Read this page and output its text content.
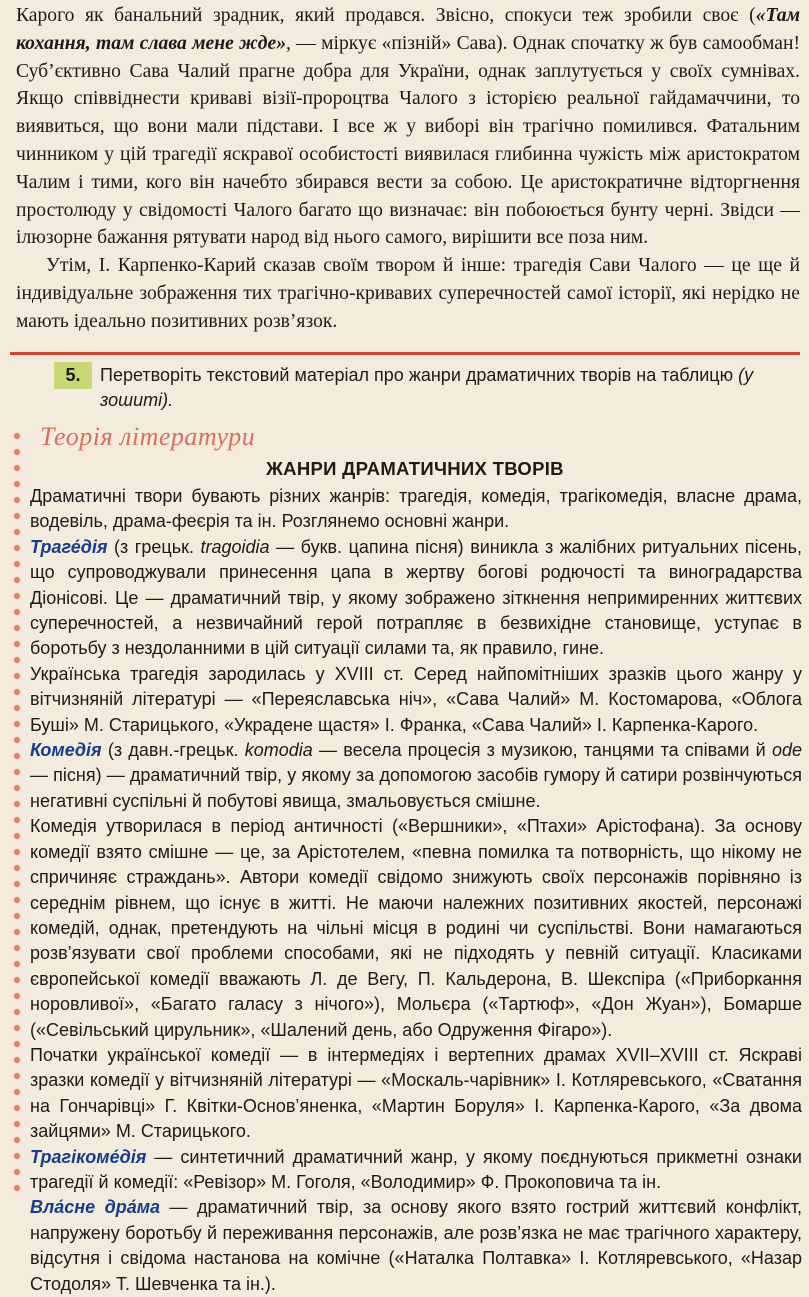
Карого як банальний зрадник, який продався. Звісно, спокуси теж зробили своє («Там кохання, там слава мене жде», — міркує «пізній» Сава). Однак спочатку ж був самообман! Суб’єктивно Сава Чалий прагне добра для України, однак заплутується у своїх сумнівах. Якщо співвіднести криваві візії-пророцтва Чалого з історією реальної гайдамаччини, то виявиться, що вони мали підстави. І все ж у виборі він трагічно помилився. Фатальним чинником у цій трагедії яскравої особистості виявилася глибинна чужість між аристократом Чалим і тими, кого він начебто збирався вести за собою. Це аристократичне відторгнення простолюду у свідомості Чалого багато що визначає: він побоюється бунту черні. Звідси — ілюзорне бажання рятувати народ від нього самого, вирішити все поза ним.

Утім, І. Карпенко-Карий сказав своїм твором й інше: трагедія Сави Чалого — це ще й індивідуальне зображення тих трагічно-кривавих суперечностей самої історії, які нерідко не мають ідеально позитивних розв’язок.

5.	Перетворіть текстовий матеріал про жанри драматичних творів на таблицю (у зошиті).
Теорія літератури
ЖАНРИ ДРАМАТИЧНИХ ТВОРІВ

Драматичні твори бувають різних жанрів: трагедія, комедія, трагікомедія, власне драма, водевіль, драма-феєрія та ін. Розглянемо основні жанри.

Траге́дія (з грецьк. tragoidia — букв. цапина пісня) виникла з жалібних ритуальних пісень, що супроводжували принесення цапа в жертву богові родючості та виноградарства Діонісові. Це — драматичний твір, у якому зображено зіткнення непримиренних життєвих суперечностей, а незвичайний герой потрапляє в безвихідне становище, уступає в боротьбу з нездоланними в цій ситуації силами та, як правило, гине.

Українська трагедія зародилась у XVIII ст. Серед найпомітніших зразків цього жанру у вітчизняній літературі — «Переяславська ніч», «Сава Чалий» М. Костомарова, «Облога Буші» М. Старицького, «Украдене щастя» І. Франка, «Сава Чалий» І. Карпенка-Карого.

Комедія (з давн.-грецьк. komodia — весела процесія з музикою, танцями та співами й ode — пісня) — драматичний твір, у якому за допомогою засобів гумору й сатири розвінчуються негативні суспільні й побутові явища, змальовується смішне.

Комедія утворилася в період античності («Вершники», «Птахи» Арістофана). За основу комедії взято смішне — це, за Арістотелем, «певна помилка та потворність, що нікому не спричиняє страждань». Автори комедії свідомо знижують своїх персонажів порівняно із середнім рівнем, що існує в житті. Не маючи належних позитивних якостей, персонажі комедій, однак, претендують на чільні місця в родині чи суспільстві. Вони намагаються розв’язувати свої проблеми способами, які не підходять у певній ситуації. Класиками європейської комедії вважають Л. де Вегу, П. Кальдерона, В. Шекспіра («Приборкання норовливої», «Багато галасу з нічого»), Мольєра («Тартюф», «Дон Жуан»), Бомарше («Севільський цирульник», «Шалений день, або Одруження Фігаро»).

Початки української комедії — в інтермедіях і вертепних драмах XVII–XVIII ст. Яскраві зразки комедії у вітчизняній літературі — «Москаль-чарівник» І. Котляревського, «Сватання на Гончарівці» Г. Квітки-Основ’яненка, «Мартин Боруля» І. Карпенка-Карого, «За двома зайцями» М. Старицького.

Трагікоме́дія — синтетичний драматичний жанр, у якому поєднуються прикметні ознаки трагедії й комедії: «Ревізор» М. Гоголя, «Володимир» Ф. Прокоповича та ін.

Вла́сне дра́ма — драматичний твір, за основу якого взято гострий життєвий конфлікт, напружену боротьбу й переживання персонажів, але розв’язка не має трагічного характеру, відсутня і свідома настанова на комічне («Наталка Полтавка» І. Котляревського, «Назар Стодоля» Т. Шевченка та ін.).
